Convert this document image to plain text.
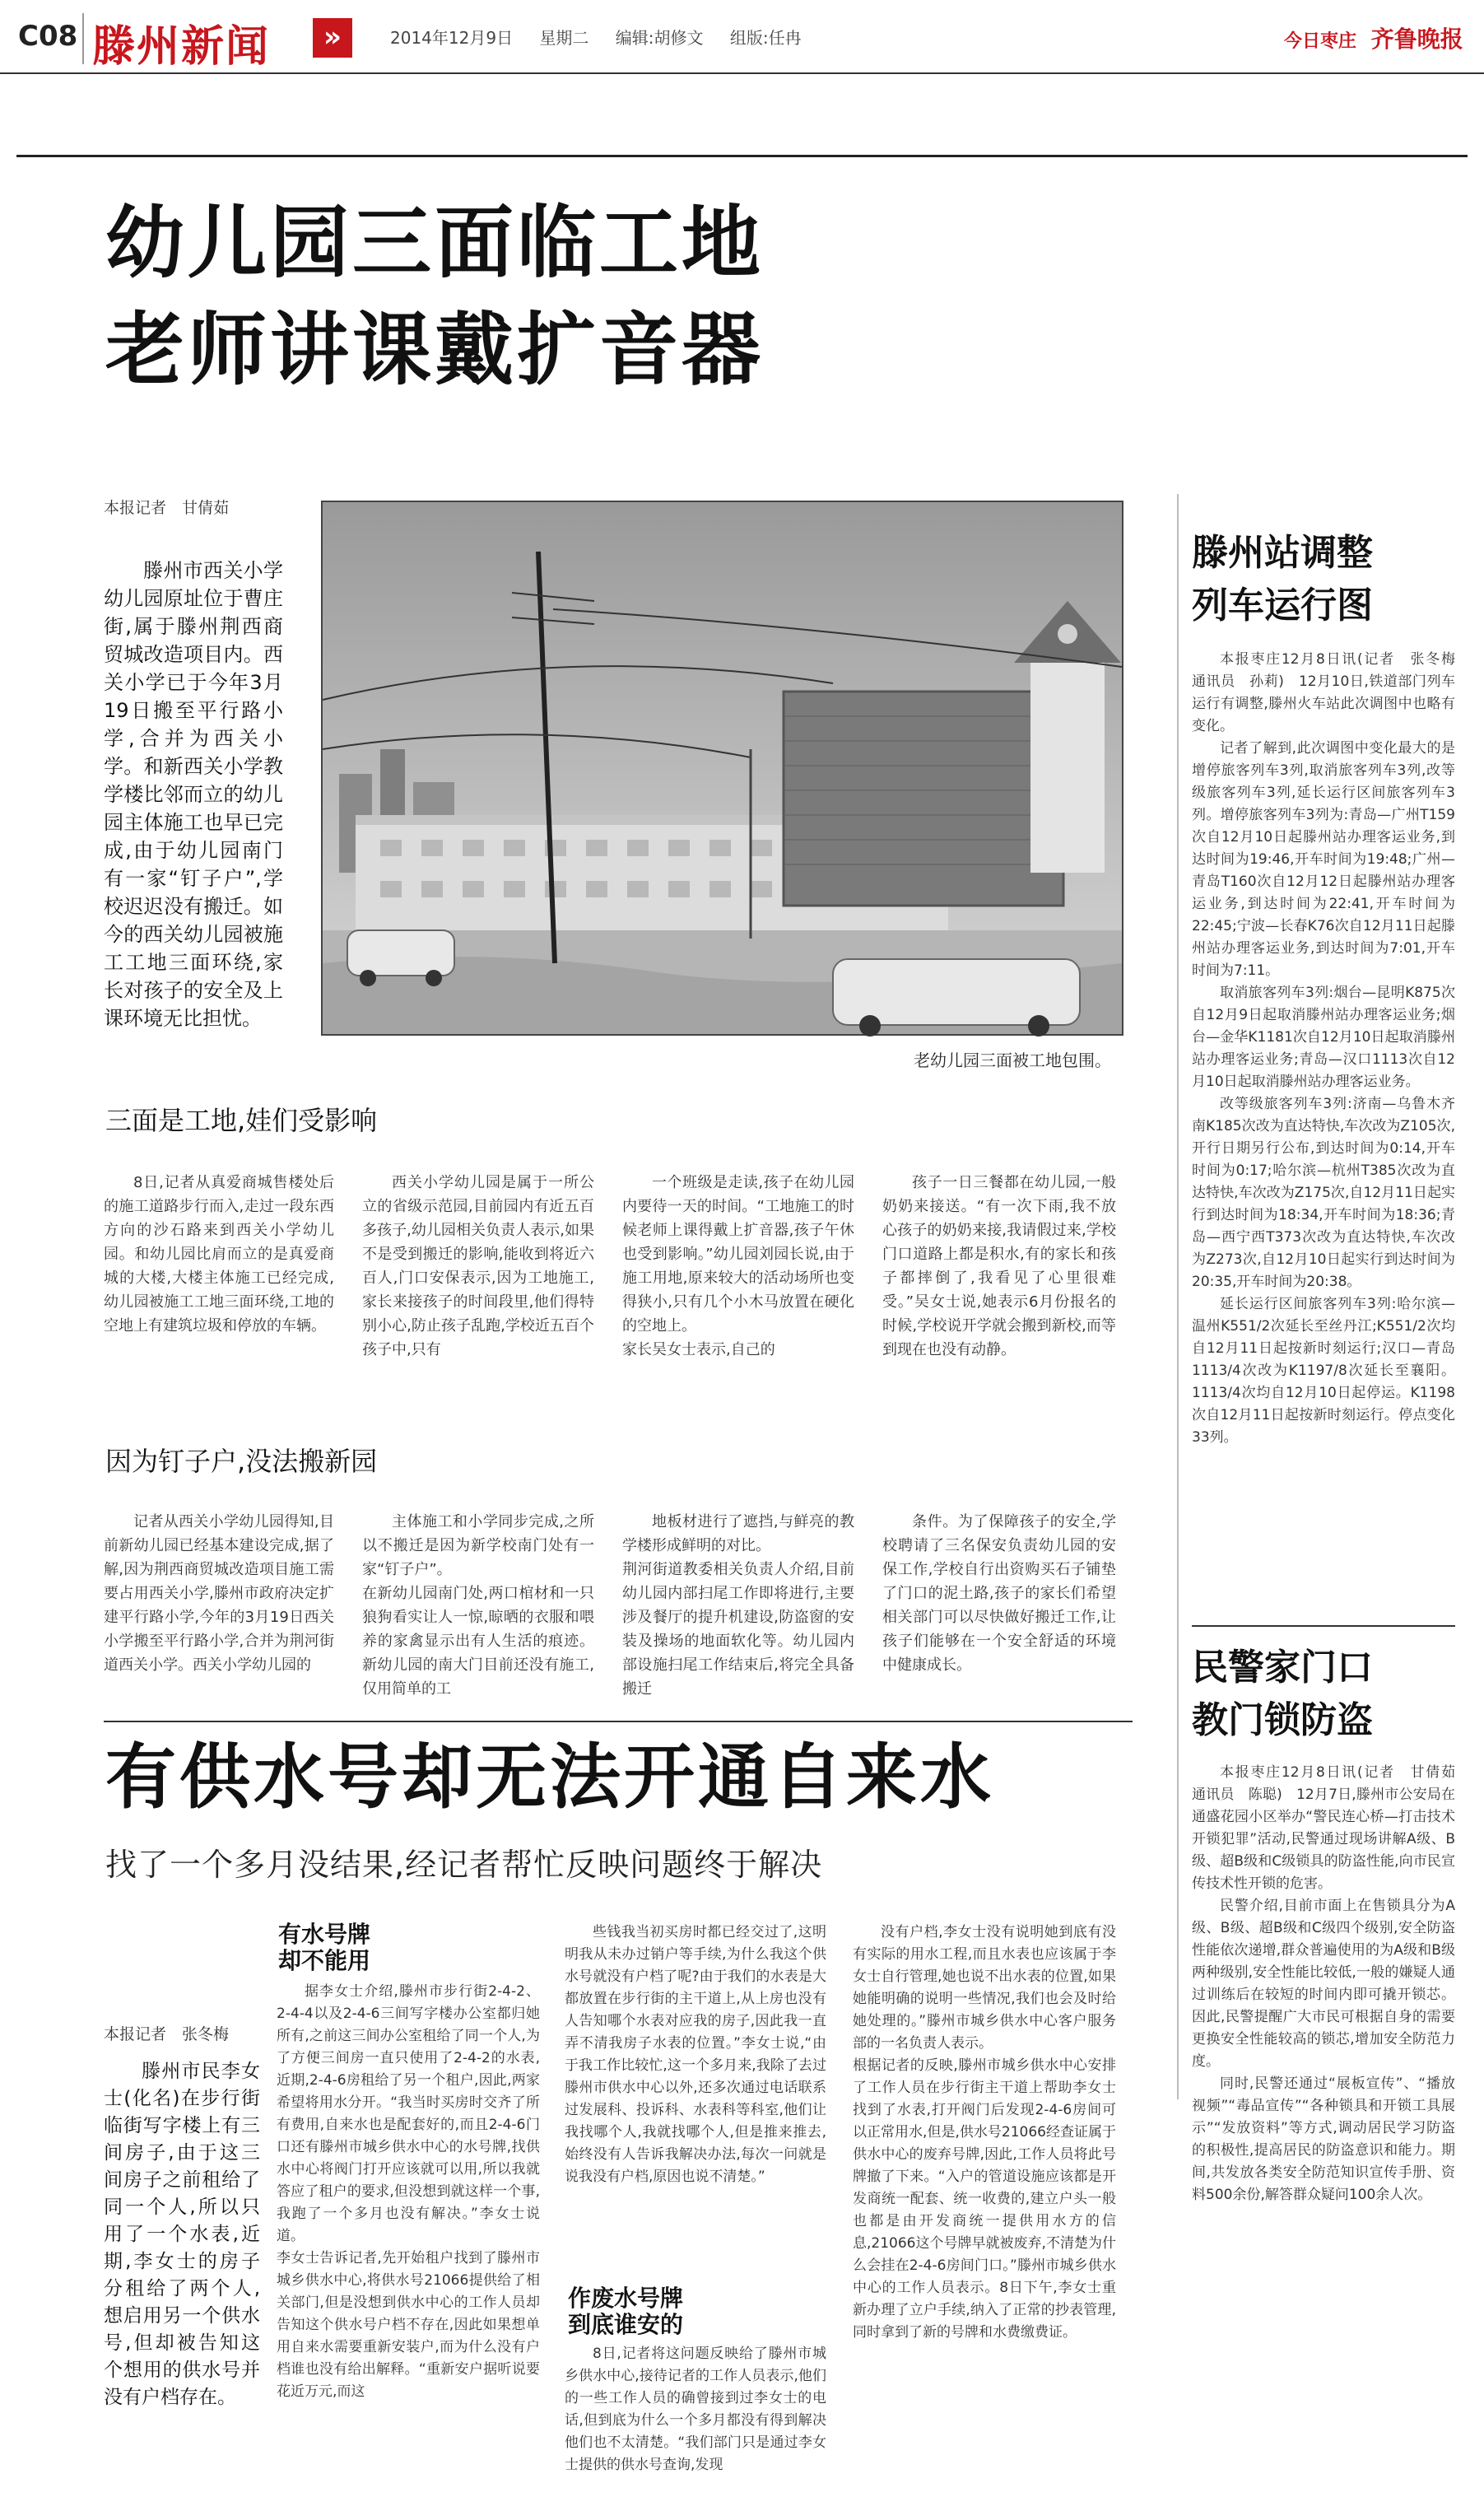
C08 滕州新闻	»	2014年12月9日 星期二 编辑:胡修文 组版:任冉	今日枣庄 齐鲁晚报
幼儿园三面临工地
老师讲课戴扩音器
本报记者　甘倩茹

滕州市西关小学幼儿园原址位于曹庄街,属于滕州荆西商贸城改造项目内。西关小学已于今年3月19日搬至平行路小学,合并为西关小学。和新西关小学教学楼比邻而立的幼儿园主体施工也早已完成,由于幼儿园南门有一家“钉子户”,学校迟迟没有搬迁。如今的西关幼儿园被施工工地三面环绕,家长对孩子的安全及上课环境无比担忧。

老幼儿园三面被工地包围。
三面是工地,娃们受影响

8日,记者从真爱商城售楼处后的施工道路步行而入,走过一段东西方向的沙石路来到西关小学幼儿园。和幼儿园比肩而立的是真爱商城的大楼,大楼主体施工已经完成,幼儿园被施工工地三面环绕,工地的空地上有建筑垃圾和停放的车辆。

西关小学幼儿园是属于一所公立的省级示范园,目前园内有近五百多孩子,幼儿园相关负责人表示,如果不是受到搬迁的影响,能收到将近六百人,门口安保表示,因为工地施工,家长来接孩子的时间段里,他们得特别小心,防止孩子乱跑,学校近五百个孩子中,只有

一个班级是走读,孩子在幼儿园内要待一天的时间。“工地施工的时候老师上课得戴上扩音器,孩子午休也受到影响。”幼儿园刘园长说,由于施工用地,原来较大的活动场所也变得狭小,只有几个小木马放置在硬化的空地上。
家长吴女士表示,自己的

孩子一日三餐都在幼儿园,一般奶奶来接送。“有一次下雨,我不放心孩子的奶奶来接,我请假过来,学校门口道路上都是积水,有的家长和孩子都摔倒了,我看见了心里很难受。”吴女士说,她表示6月份报名的时候,学校说开学就会搬到新校,而等到现在也没有动静。

因为钉子户,没法搬新园

记者从西关小学幼儿园得知,目前新幼儿园已经基本建设完成,据了解,因为荆西商贸城改造项目施工需要占用西关小学,滕州市政府决定扩建平行路小学,今年的3月19日西关小学搬至平行路小学,合并为荆河街道西关小学。西关小学幼儿园的

主体施工和小学同步完成,之所以不搬迁是因为新学校南门处有一家“钉子户”。
在新幼儿园南门处,两口棺材和一只狼狗看实让人一惊,晾晒的衣服和喂养的家禽显示出有人生活的痕迹。新幼儿园的南大门目前还没有施工,仅用简单的工

地板材进行了遮挡,与鲜亮的教学楼形成鲜明的对比。
荆河街道教委相关负责人介绍,目前幼儿园内部扫尾工作即将进行,主要涉及餐厅的提升机建设,防盗窗的安装及操场的地面软化等。幼儿园内部设施扫尾工作结束后,将完全具备搬迁

条件。为了保障孩子的安全,学校聘请了三名保安负责幼儿园的安保工作,学校自行出资购买石子铺垫了门口的泥土路,孩子的家长们希望相关部门可以尽快做好搬迁工作,让孩子们能够在一个安全舒适的环境中健康成长。

有供水号却无法开通自来水
找了一个多月没结果,经记者帮忙反映问题终于解决
本报记者　张冬梅

滕州市民李女士(化名)在步行街临街写字楼上有三间房子,由于这三间房子之前租给了同一个人,所以只用了一个水表,近期,李女士的房子分租给了两个人,想启用另一个供水号,但却被告知这个想用的供水号并没有户档存在。

有水号牌
却不能用

据李女士介绍,滕州市步行街2-4-2、2-4-4以及2-4-6三间写字楼办公室都归她所有,之前这三间办公室租给了同一个人,为了方便三间房一直只使用了2-4-2的水表,近期,2-4-6房租给了另一个租户,因此,两家希望将用水分开。“我当时买房时交齐了所有费用,自来水也是配套好的,而且2-4-6门口还有滕州市城乡供水中心的水号牌,找供水中心将阀门打开应该就可以用,所以我就答应了租户的要求,但没想到就这样一个事,我跑了一个多月也没有解决。”李女士说道。
李女士告诉记者,先开始租户找到了滕州市城乡供水中心,将供水号21066提供给了相关部门,但是没想到供水中心的工作人员却告知这个供水号户档不存在,因此如果想单用自来水需要重新安装户,而为什么没有户档谁也没有给出解释。“重新安户据听说要花近万元,而这

些钱我当初买房时都已经交过了,这明明我从未办过销户等手续,为什么我这个供水号就没有户档了呢?由于我们的水表是大都放置在步行街的主干道上,从上房也没有人告知哪个水表对应我的房子,因此我一直弄不清我房子水表的位置。”李女士说,“由于我工作比较忙,这一个多月来,我除了去过滕州市供水中心以外,还多次通过电话联系过发展科、投诉科、水表科等科室,他们让我找哪个人,我就找哪个人,但是推来推去,始终没有人告诉我解决办法,每次一问就是说我没有户档,原因也说不清楚。”

作废水号牌
到底谁安的

8日,记者将这问题反映给了滕州市城乡供水中心,接待记者的工作人员表示,他们的一些工作人员的确曾接到过李女士的电话,但到底为什么一个多月都没有得到解决他们也不太清楚。“我们部门只是通过李女士提供的供水号查询,发现

没有户档,李女士没有说明她到底有没有实际的用水工程,而且水表也应该属于李女士自行管理,她也说不出水表的位置,如果她能明确的说明一些情况,我们也会及时给她处理的。”滕州市城乡供水中心客户服务部的一名负责人表示。
根据记者的反映,滕州市城乡供水中心安排了工作人员在步行街主干道上帮助李女士找到了水表,打开阀门后发现2-4-6房间可以正常用水,但是,供水号21066经查证属于供水中心的废弃号牌,因此,工作人员将此号牌撤了下来。“入户的管道设施应该都是开发商统一配套、统一收费的,建立户头一般也都是由开发商统一提供用水方的信息,21066这个号牌早就被废弃,不清楚为什么会挂在2-4-6房间门口。”滕州市城乡供水中心的工作人员表示。8日下午,李女士重新办理了立户手续,纳入了正常的抄表管理,同时拿到了新的号牌和水费缴费证。

滕州站调整
列车运行图

本报枣庄12月8日讯(记者　张冬梅　通讯员　孙莉)　12月10日,铁道部门列车运行有调整,滕州火车站此次调图中也略有变化。

记者了解到,此次调图中变化最大的是增停旅客列车3列,取消旅客列车3列,改等级旅客列车3列,延长运行区间旅客列车3列。增停旅客列车3列为:青岛—广州T159次自12月10日起滕州站办理客运业务,到达时间为19:46,开车时间为19:48;广州—青岛T160次自12月12日起滕州站办理客运业务,到达时间为22:41,开车时间为22:45;宁波—长春K76次自12月11日起滕州站办理客运业务,到达时间为7:01,开车时间为7:11。

取消旅客列车3列:烟台—昆明K875次自12月9日起取消滕州站办理客运业务;烟台—金华K1181次自12月10日起取消滕州站办理客运业务;青岛—汉口1113次自12月10日起取消滕州站办理客运业务。

改等级旅客列车3列:济南—乌鲁木齐南K185次改为直达特快,车次改为Z105次,开行日期另行公布,到达时间为0:14,开车时间为0:17;哈尔滨—杭州T385次改为直达特快,车次改为Z175次,自12月11日起实行到达时间为18:34,开车时间为18:36;青岛—西宁西T373次改为直达特快,车次改为Z273次,自12月10日起实行到达时间为20:35,开车时间为20:38。

延长运行区间旅客列车3列:哈尔滨—温州K551/2次延长至丝丹江;K551/2次均自12月11日起按新时刻运行;汉口—青岛1113/4次改为K1197/8次延长至襄阳。1113/4次均自12月10日起停运。K1198次自12月11日起按新时刻运行。停点变化33列。

民警家门口
教门锁防盗

本报枣庄12月8日讯(记者　甘倩茹　通讯员　陈聪)　12月7日,滕州市公安局在通盛花园小区举办“警民连心桥—打击技术开锁犯罪”活动,民警通过现场讲解A级、B级、超B级和C级锁具的防盗性能,向市民宣传技术性开锁的危害。

民警介绍,目前市面上在售锁具分为A级、B级、超B级和C级四个级别,安全防盗性能依次递增,群众普遍使用的为A级和B级两种级别,安全性能比较低,一般的嫌疑人通过训练后在较短的时间内即可撬开锁芯。因此,民警提醒广大市民可根据自身的需要更换安全性能较高的锁芯,增加安全防范力度。

同时,民警还通过“展板宣传”、“播放视频”“毒品宣传”“各种锁具和开锁工具展示”“发放资料”等方式,调动居民学习防盗的积极性,提高居民的防盗意识和能力。期间,共发放各类安全防范知识宣传手册、资料500余份,解答群众疑问100余人次。
